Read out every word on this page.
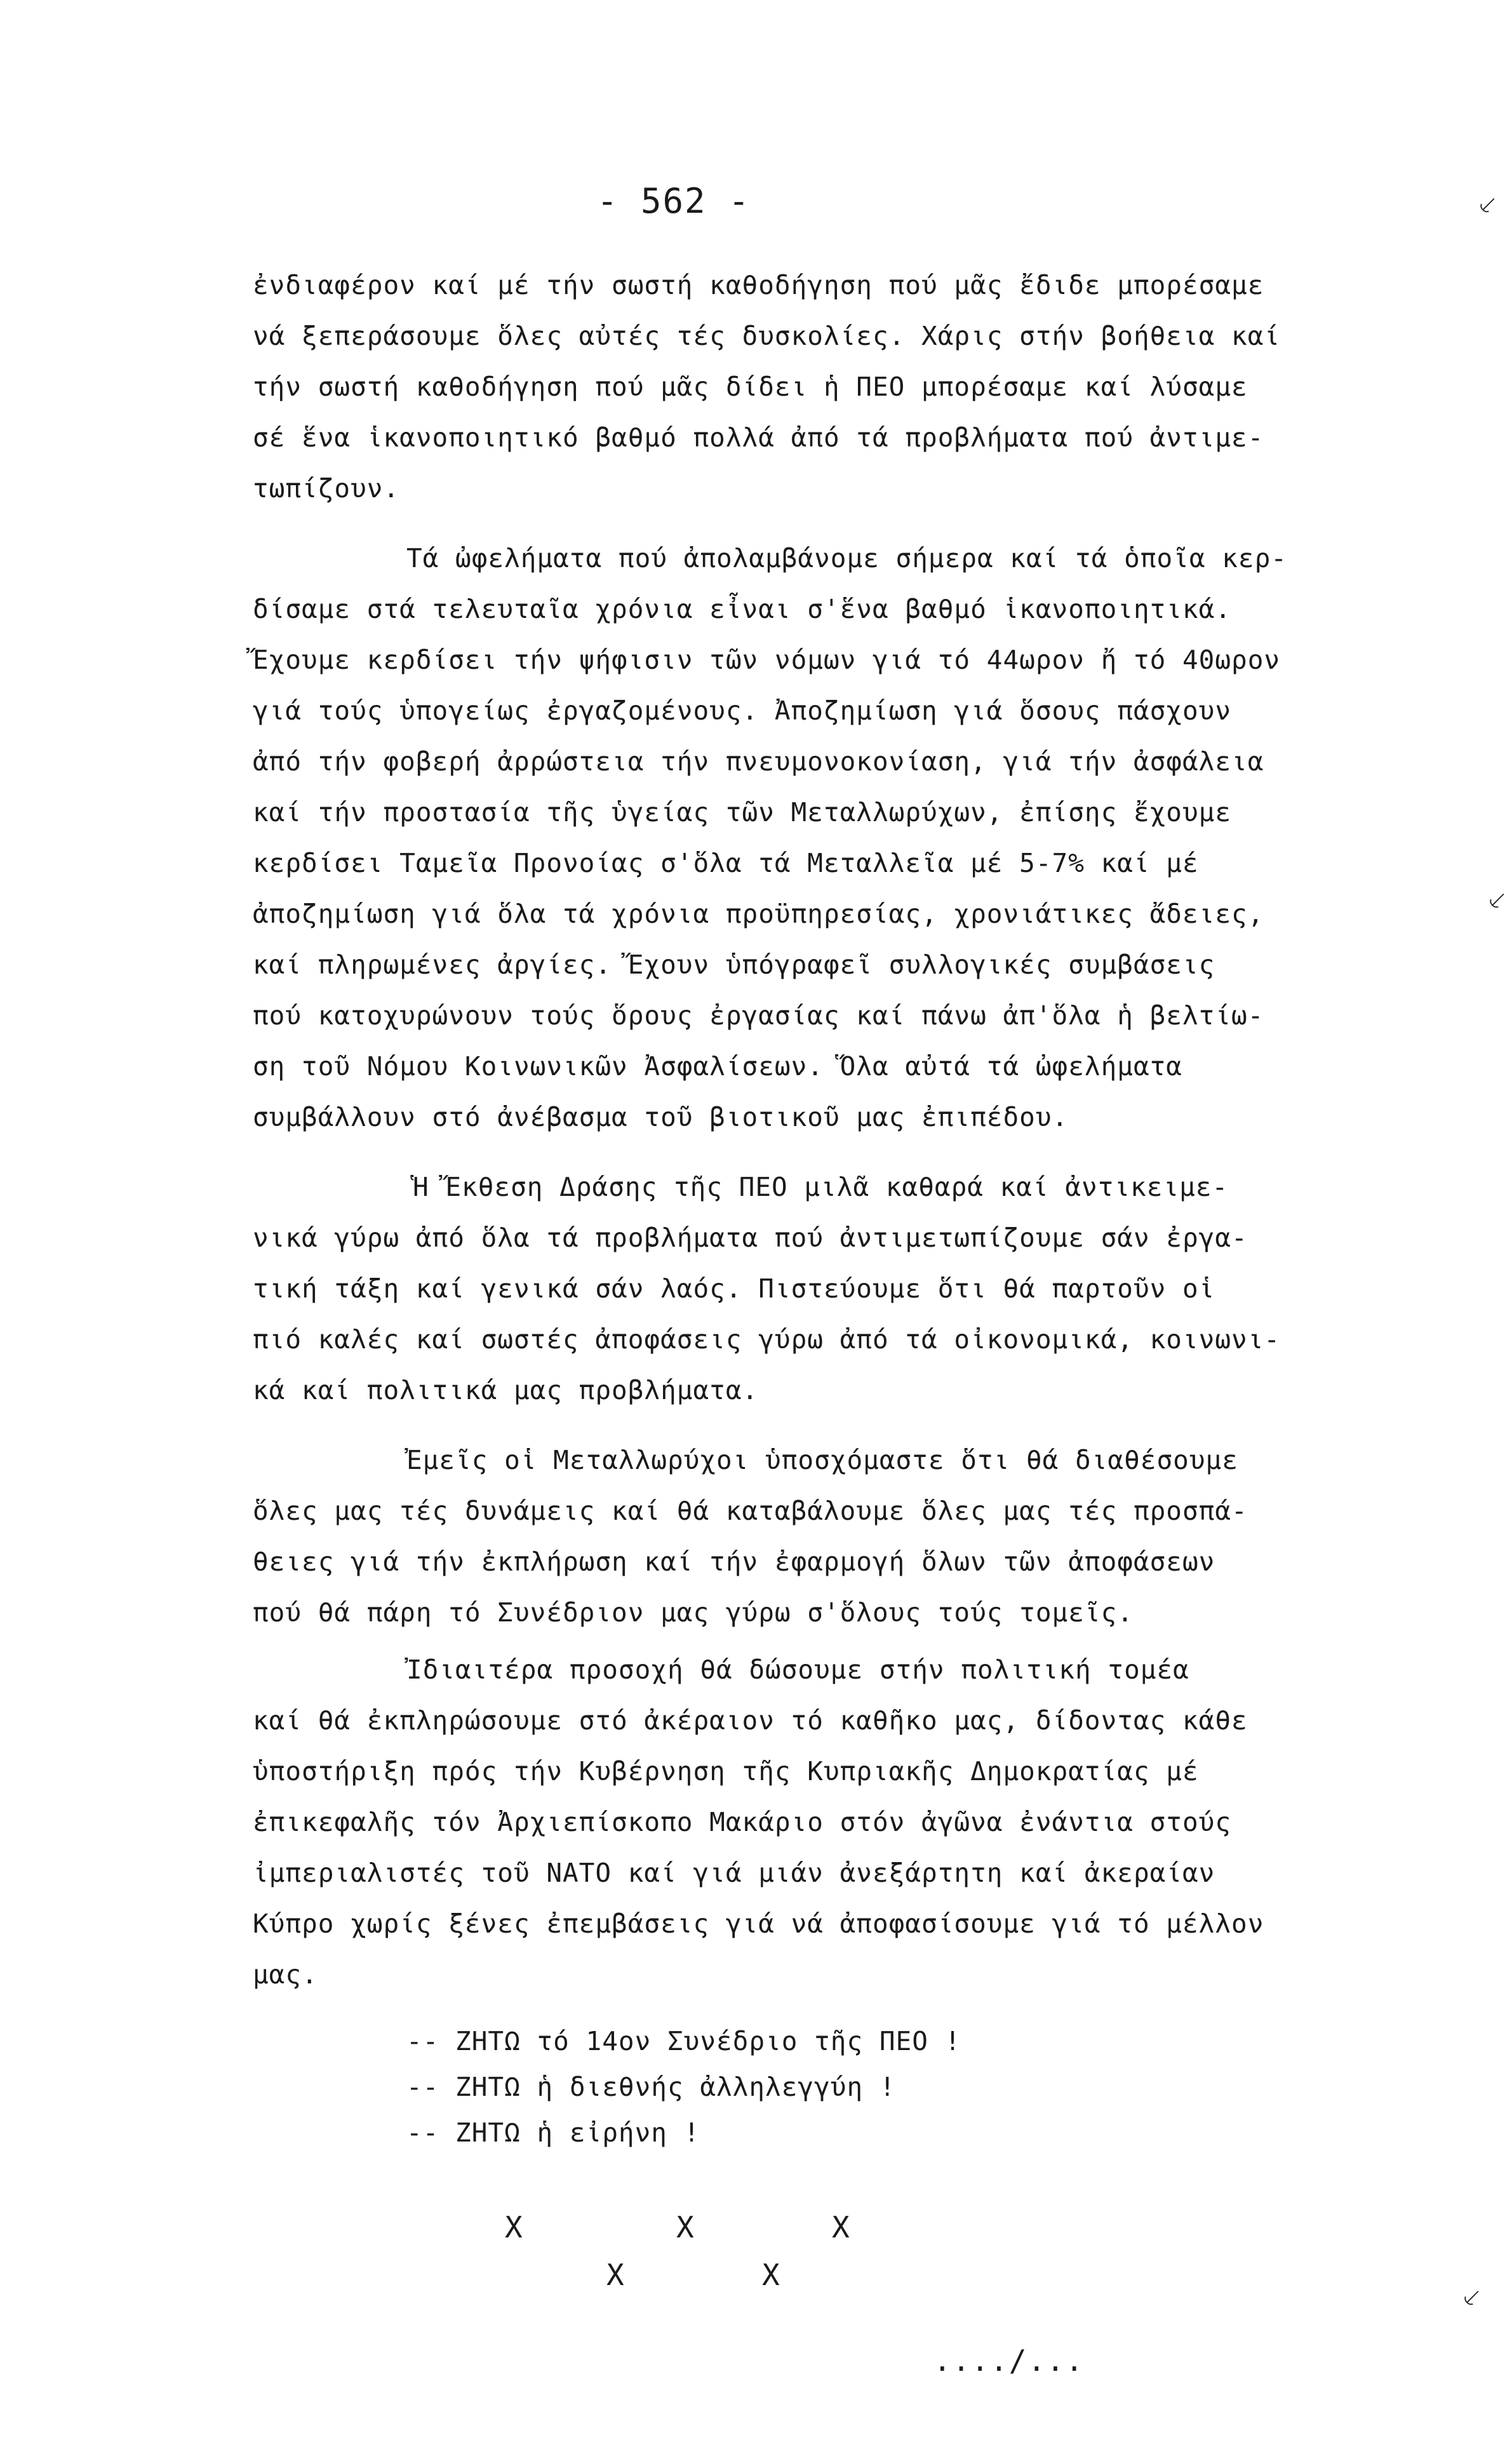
- 562 -	⸔
⸔
⸔
ἐνδιαφέρον καί μέ τήν σωστή καθοδήγηση πού μᾶς ἔδιδε μπορέσαμε
νά ξεπεράσουμε ὅλες αὐτές τές δυσκολίες. Χάρις στήν βοήθεια καί
τήν σωστή καθοδήγηση πού μᾶς δίδει ἡ ΠΕΟ μπορέσαμε καί λύσαμε
σέ ἕνα ἱκανοποιητικό βαθμό πολλά ἀπό τά προβλήματα πού ἀντιμε-
τωπίζουν.
Τά ὠφελήματα πού ἀπολαμβάνομε σήμερα καί τά ὁποῖα κερ-
δίσαμε στά τελευταῖα χρόνια εἶναι σ'ἕνα βαθμό ἱκανοποιητικά.
Ἔχουμε κερδίσει τήν ψήφισιν τῶν νόμων γιά τό 44ωρον ἤ τό 40ωρον
γιά τούς ὑπογείως ἐργαζομένους. Ἀποζημίωση γιά ὅσους πάσχουν
ἀπό τήν φοβερή ἀρρώστεια τήν πνευμονοκονίαση, γιά τήν ἀσφάλεια
καί τήν προστασία τῆς ὑγείας τῶν Μεταλλωρύχων, ἐπίσης ἔχουμε
κερδίσει Ταμεῖα Προνοίας σ'ὅλα τά Μεταλλεῖα μέ 5-7% καί μέ
ἀποζημίωση γιά ὅλα τά χρόνια προϋπηρεσίας, χρονιάτικες ἄδειες,
καί πληρωμένες ἀργίες. Ἔχουν ὑπόγραφεῖ συλλογικές συμβάσεις
πού κατοχυρώνουν τούς ὅρους ἐργασίας καί πάνω ἀπ'ὅλα ἡ βελτίω-
ση τοῦ Νόμου Κοινωνικῶν Ἀσφαλίσεων. Ὅλα αὐτά τά ὠφελήματα
συμβάλλουν στό ἀνέβασμα τοῦ βιοτικοῦ μας ἐπιπέδου.
Ἡ Ἔκθεση Δράσης τῆς ΠΕΟ μιλᾶ καθαρά καί ἀντικειμε-
νικά γύρω ἀπό ὅλα τά προβλήματα πού ἀντιμετωπίζουμε σάν ἐργα-
τική τάξη καί γενικά σάν λαός. Πιστεύουμε ὅτι θά παρτοῦν οἱ
πιό καλές καί σωστές ἀποφάσεις γύρω ἀπό τά οἰκονομικά, κοινωνι-
κά καί πολιτικά μας προβλήματα.
Ἐμεῖς οἱ Μεταλλωρύχοι ὑποσχόμαστε ὅτι θά διαθέσουμε
ὅλες μας τές δυνάμεις καί θά καταβάλουμε ὅλες μας τές προσπά-
θειες γιά τήν ἐκπλήρωση καί τήν ἐφαρμογή ὅλων τῶν ἀποφάσεων
πού θά πάρη τό Συνέδριον μας γύρω σ'ὅλους τούς τομεῖς.
Ἰδιαιτέρα προσοχή θά δώσουμε στήν πολιτική τομέα
καί θά ἐκπληρώσουμε στό ἀκέραιον τό καθῆκο μας, δίδοντας κάθε
ὑποστήριξη πρός τήν Κυβέρνηση τῆς Κυπριακῆς Δημοκρατίας μέ
ἐπικεφαλῆς τόν Ἀρχιεπίσκοπο Μακάριο στόν ἀγῶνα ἐνάντια στούς
ἰμπεριαλιστές τοῦ ΝΑΤΟ καί γιά μιάν ἀνεξάρτητη καί ἀκεραίαν
Κύπρο χωρίς ξένες ἐπεμβάσεις γιά νά ἀποφασίσουμε γιά τό μέλλον
μας.
-- ΖΗΤΩ τό 14ον Συνέδριο τῆς ΠΕΟ !
-- ΖΗΤΩ ἡ διεθνής ἀλληλεγγύη !
-- ΖΗΤΩ ἡ εἰρήνη !
X	X	X
X	X
..../...
